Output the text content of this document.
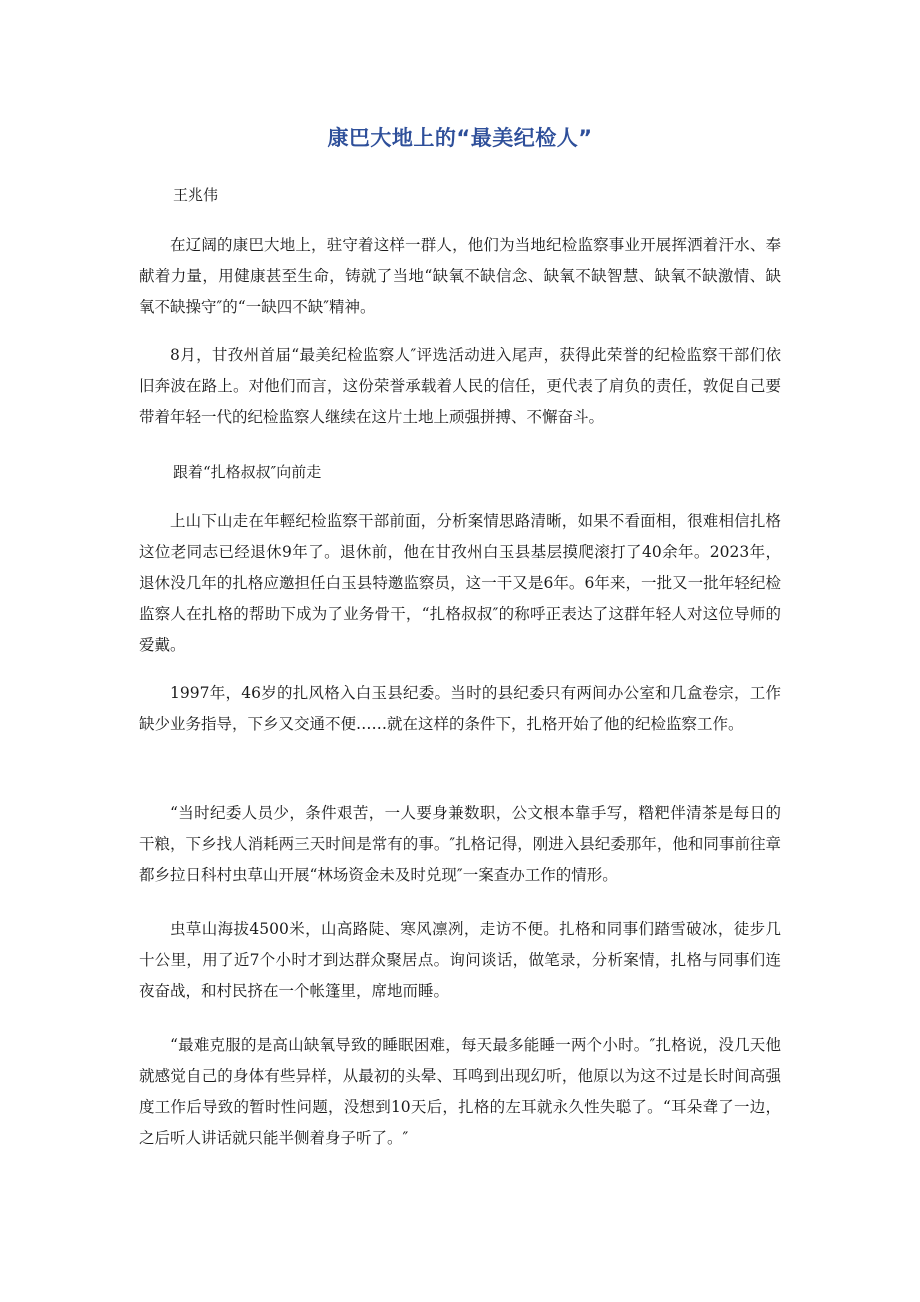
康巴大地上的“最美纪检人”
王兆伟

在辽阔的康巴大地上，驻守着这样一群人，他们为当地纪检监察事业开展挥洒着汗水、奉献着力量，用健康甚至生命，铸就了当地“缺氧不缺信念、缺氧不缺智慧、缺氧不缺激情、缺氧不缺操守″的“一缺四不缺″精神。

8月，甘孜州首届“最美纪检监察人″评选活动进入尾声，获得此荣誉的纪检监察干部们依旧奔波在路上。对他们而言，这份荣誉承载着人民的信任，更代表了肩负的责任，敦促自己要带着年轻一代的纪检监察人继续在这片土地上顽强拼搏、不懈奋斗。

跟着“扎格叔叔″向前走

上山下山走在年輕纪检监察干部前面，分析案情思路清晰，如果不看面相，很难相信扎格这位老同志已经退休9年了。退休前，他在甘孜州白玉县基层摸爬滚打了40余年。2023年，退休没几年的扎格应邀担任白玉县特邀监察员，这一干又是6年。6年来，一批又一批年轻纪检监察人在扎格的帮助下成为了业务骨干，“扎格叔叔″的称呼正表达了这群年轻人对这位导师的爱戴。

1997年，46岁的扎风格入白玉县纪委。当时的县纪委只有两间办公室和几盒卷宗，工作缺少业务指导，下乡又交通不便……就在这样的条件下，扎格开始了他的纪检监察工作。

“当时纪委人员少，条件艰苦，一人要身兼数职，公文根本靠手写，糌粑伴清茶是每日的干粮，下乡找人消耗两三天时间是常有的事。″扎格记得，刚进入县纪委那年，他和同事前往章都乡拉日科村虫草山开展“林场资金未及时兑现″一案查办工作的情形。

虫草山海拔4500米，山高路陡、寒风凛冽，走访不便。扎格和同事们踏雪破冰，徒步几十公里，用了近7个小时才到达群众聚居点。询问谈话，做笔录，分析案情，扎格与同事们连夜奋战，和村民挤在一个帐篷里，席地而睡。

“最难克服的是高山缺氧导致的睡眠困难，每天最多能睡一两个小时。″扎格说，没几天他就感觉自己的身体有些异样，从最初的头晕、耳鸣到出现幻听，他原以为这不过是长时间高强度工作后导致的暂时性问题，没想到10天后，扎格的左耳就永久性失聪了。“耳朵聋了一边，之后听人讲话就只能半侧着身子听了。″
